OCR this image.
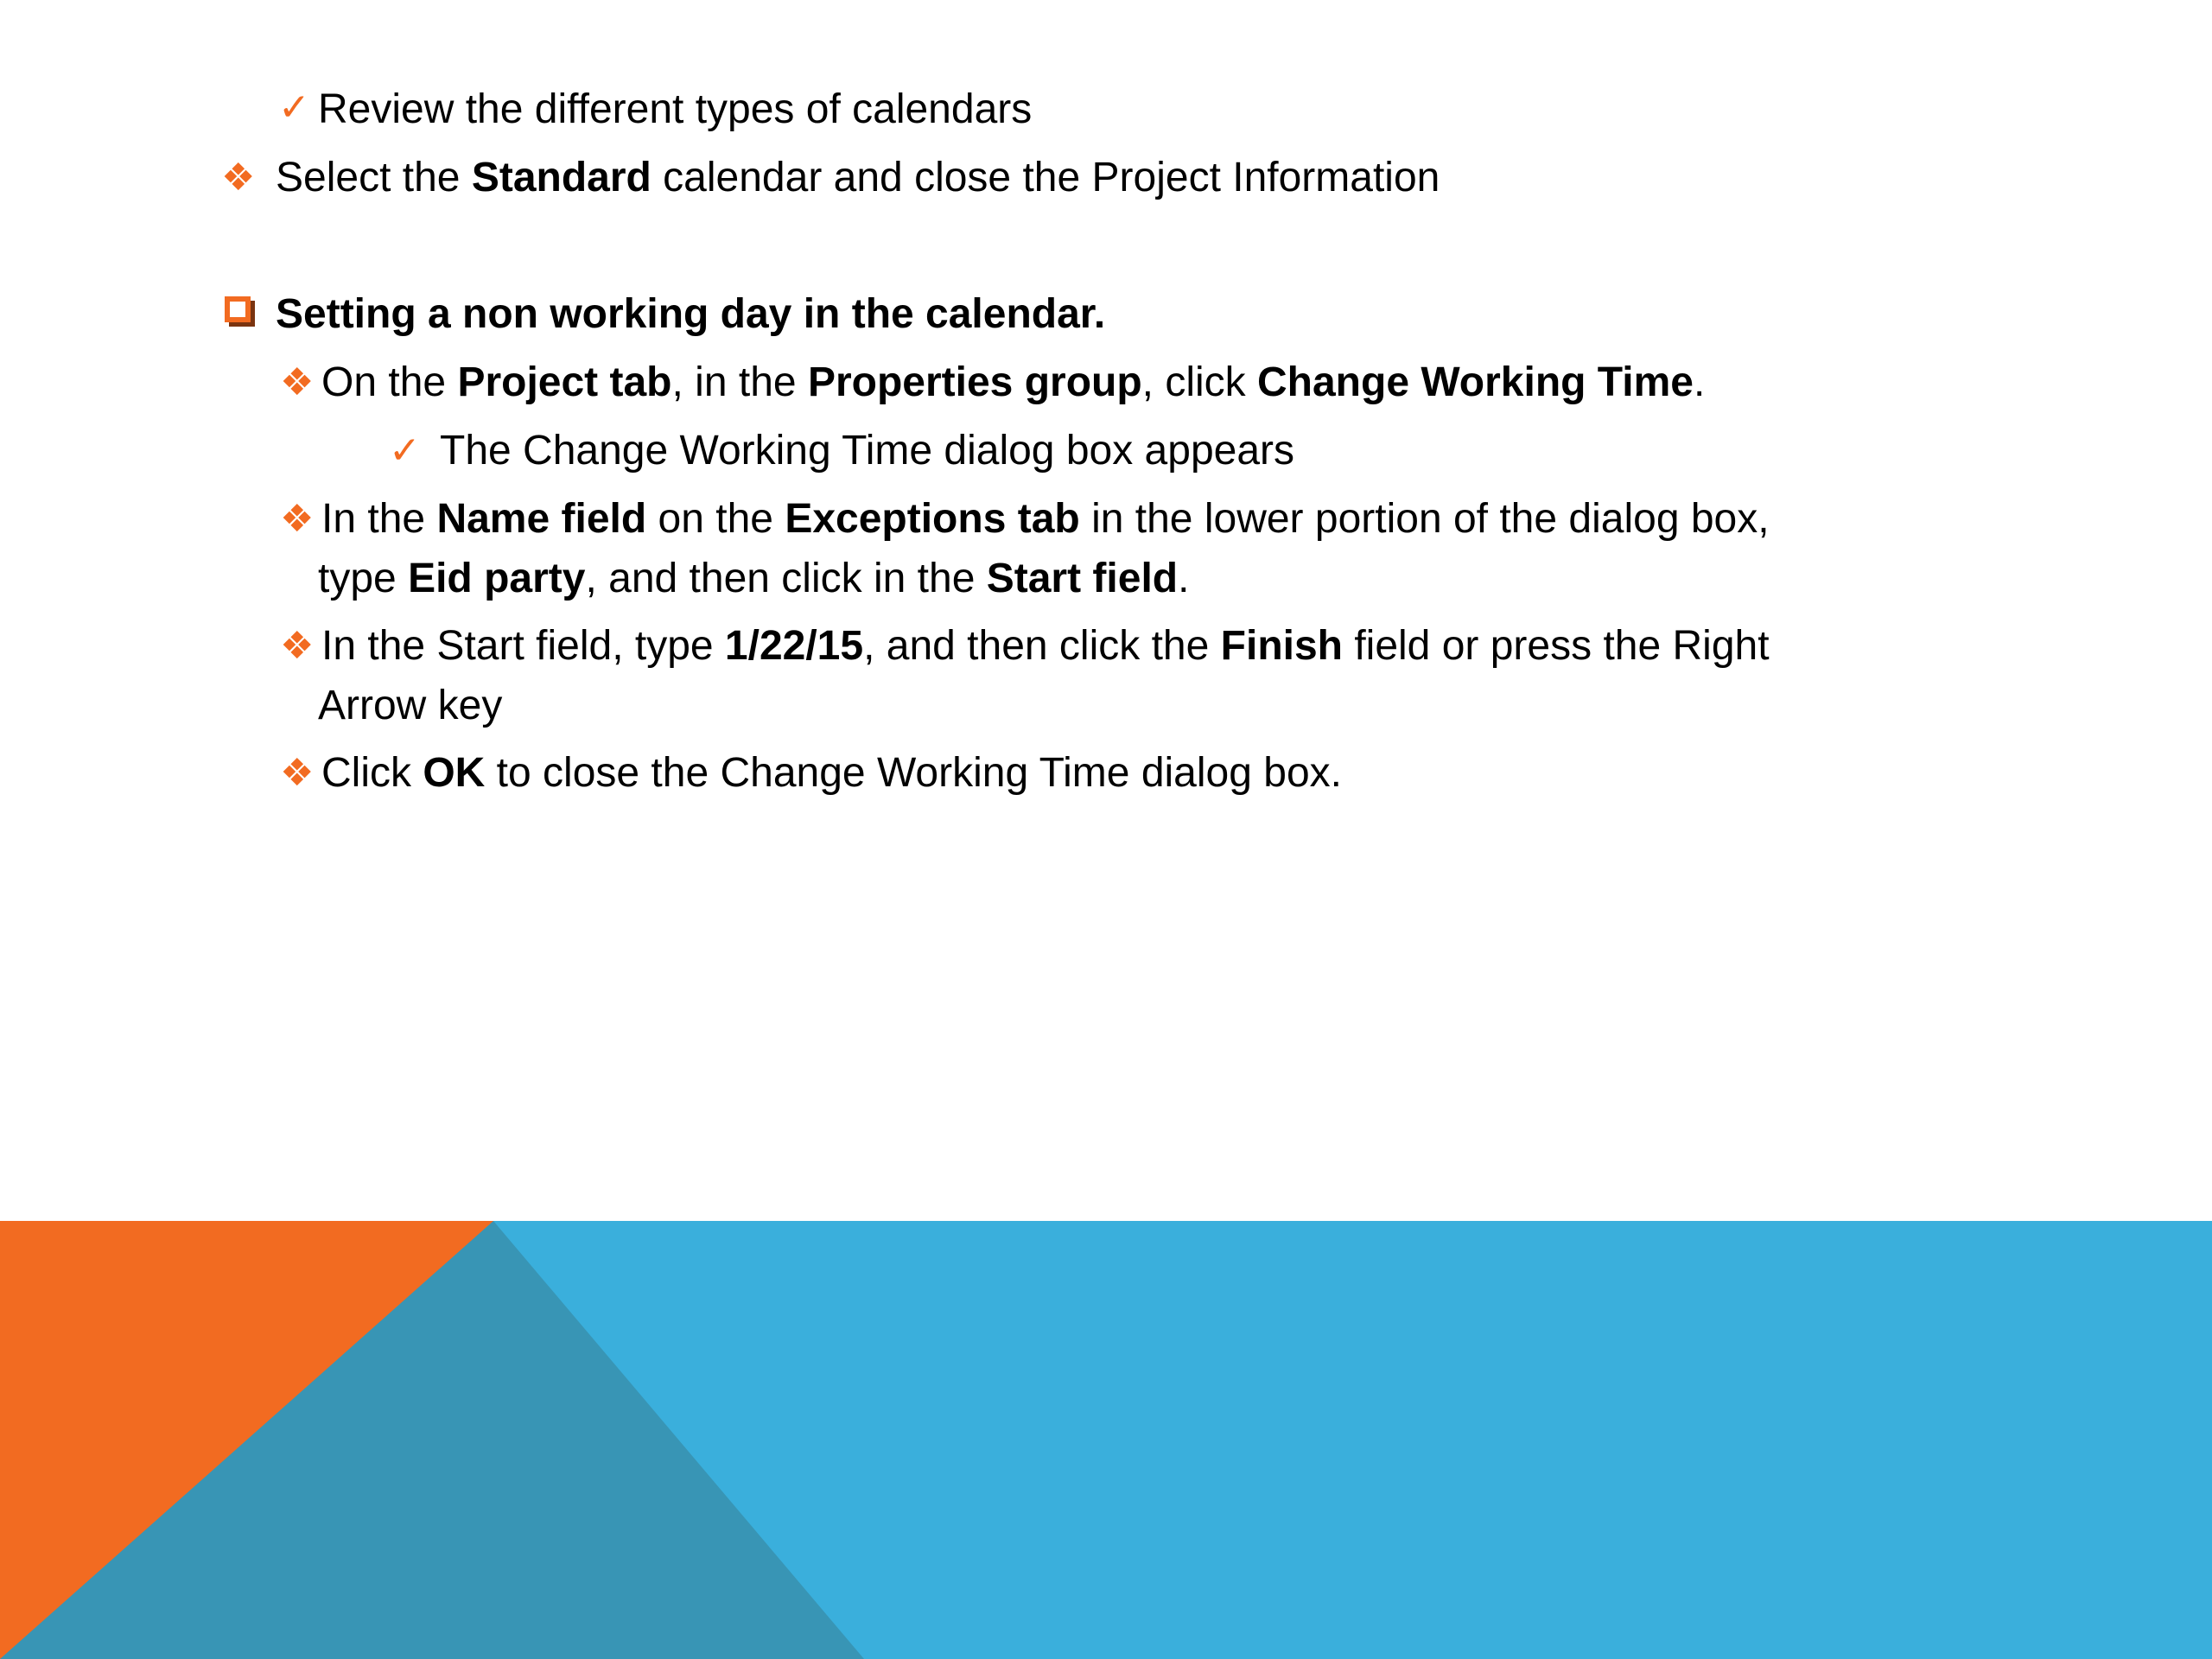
✓ Review the different types of calendars
❖ Select the Standard calendar and close the Project Information
Setting a non working day in the calendar.
❖ On the Project tab, in the Properties group, click Change Working Time.
✓ The Change Working Time dialog box appears
❖ In the Name field on the Exceptions tab in the lower portion of the dialog box,
type Eid party, and then click in the Start field.
❖ In the Start field, type 1/22/15, and then click the Finish field or press the Right
Arrow key
❖ Click OK to close the Change Working Time dialog box.
